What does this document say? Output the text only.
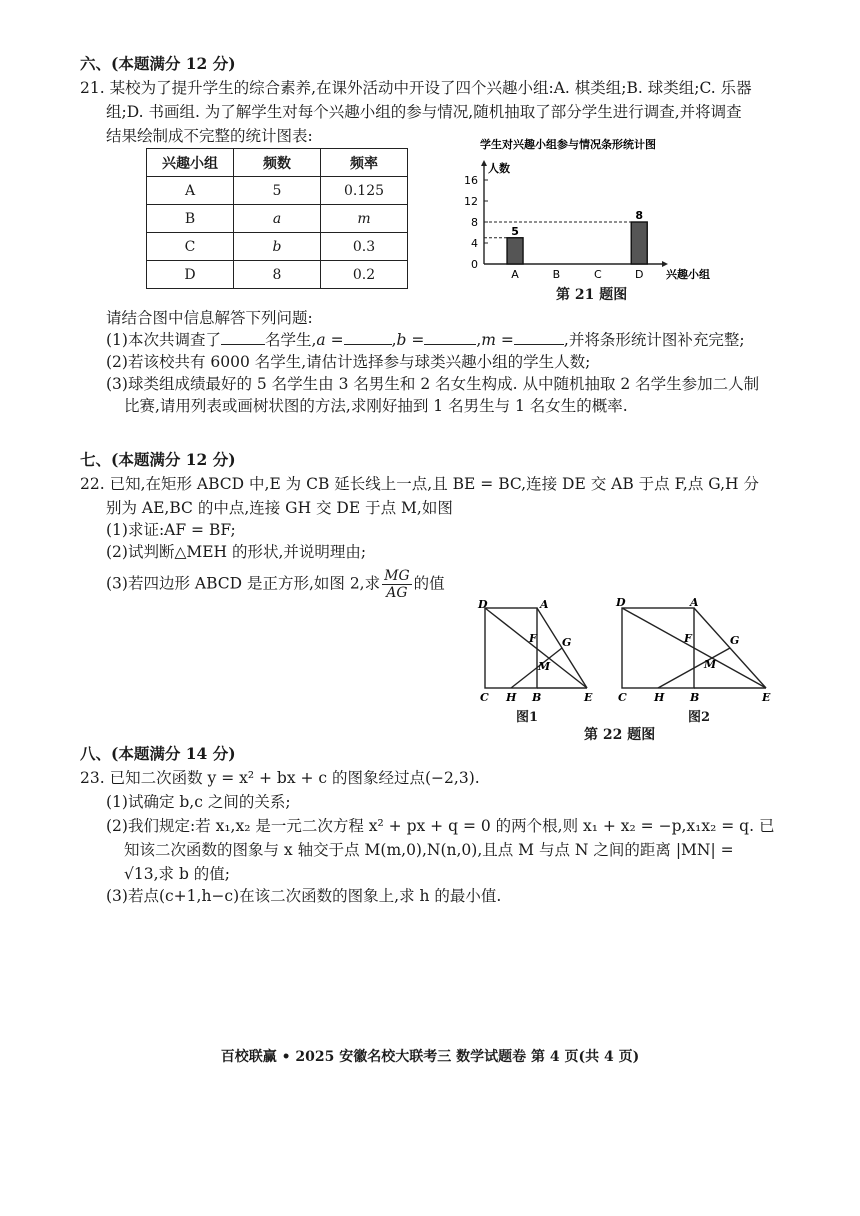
六、(本题满分 12 分)
21. 某校为了提升学生的综合素养,在课外活动中开设了四个兴趣小组:A. 棋类组;B. 球类组;C. 乐器
组;D. 书画组. 为了解学生对每个兴趣小组的参与情况,随机抽取了部分学生进行调查,并将调查
结果绘制成不完整的统计图表:
兴趣小组	频数	频率
A	5	0.125
B	a	m
C	b	0.3
D	8	0.2
学生对兴趣小组参与情况条形统计图
人数
0
4
8
12
16
A
5
B	C	D
8
兴趣小组
第 21 题图
请结合图中信息解答下列问题:
(1)本次共调查了	名学生,a =	,b =	,m =	,并将条形统计图补充完整;
(2)若该校共有 6000 名学生,请估计选择参与球类兴趣小组的学生人数;
(3)球类组成绩最好的 5 名学生由 3 名男生和 2 名女生构成. 从中随机抽取 2 名学生参加二人制
比赛,请用列表或画树状图的方法,求刚好抽到 1 名男生与 1 名女生的概率.
七、(本题满分 12 分)
22. 已知,在矩形 ABCD 中,E 为 CB 延长线上一点,且 BE = BC,连接 DE 交 AB 于点 F,点 G,H 分
别为 AE,BC 的中点,连接 GH 交 DE 于点 M,如图
(1)求证:AF = BF;
(2)试判断△MEH 的形状,并说明理由;
(3)若四边形 ABCD 是正方形,如图 2,求 $\frac{MG}{AG}$ 的值
D	A
F G
M
C H B	E
图1
D	A
F	G
M
C H B	E
图2
第 22 题图
八、(本题满分 14 分)
23. 已知二次函数 y = x² + bx + c 的图象经过点(−2,3).
(1)试确定 b,c 之间的关系;
(2)我们规定:若 x₁,x₂ 是一元二次方程 x² + px + q = 0 的两个根,则 x₁ + x₂ = −p,x₁x₂ = q. 已
知该二次函数的图象与 x 轴交于点 M(m,0),N(n,0),且点 M 与点 N 之间的距离 |MN| =
√13,求 b 的值;
(3)若点(c+1,h−c)在该二次函数的图象上,求 h 的最小值.
百校联赢 • 2025 安徽名校大联考三 数学试题卷 第 4 页(共 4 页)
